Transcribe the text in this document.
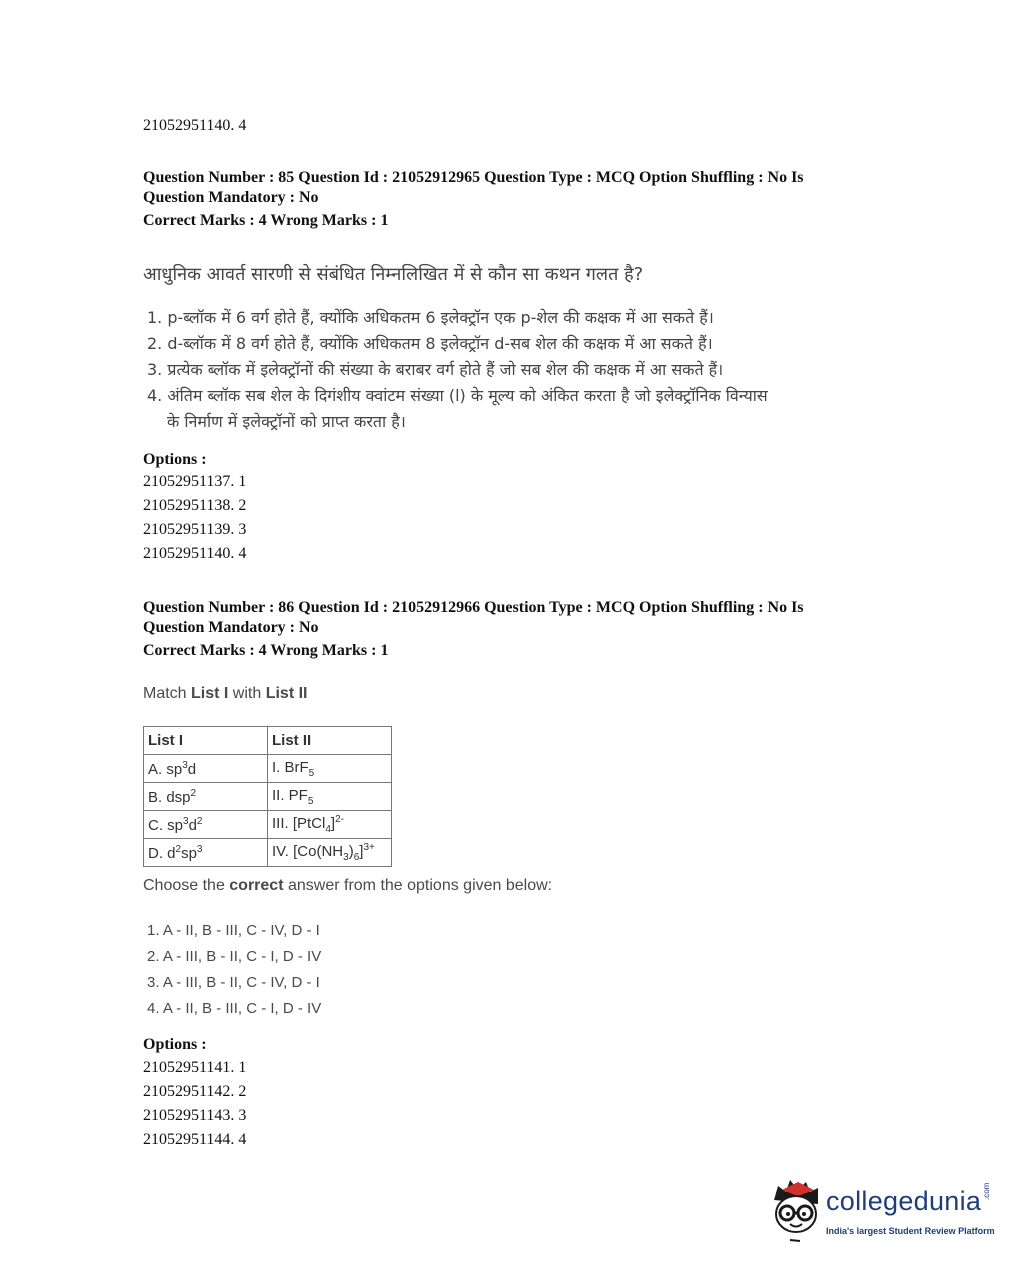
21052951140. 4
Question Number : 85 Question Id : 21052912965 Question Type : MCQ Option Shuffling : No Is
Question Mandatory : No
Correct Marks : 4 Wrong Marks : 1
आधुनिक आवर्त सारणी से संबंधित निम्नलिखित में से कौन सा कथन गलत है?
1. p-ब्लॉक में 6 वर्ग होते हैं, क्योंकि अधिकतम 6 इलेक्ट्रॉन एक p-शेल की कक्षक में आ सकते हैं।
2. d-ब्लॉक में 8 वर्ग होते हैं, क्योंकि अधिकतम 8 इलेक्ट्रॉन d-सब शेल की कक्षक में आ सकते हैं।
3. प्रत्येक ब्लॉक में इलेक्ट्रॉनों की संख्या के बराबर वर्ग होते हैं जो सब शेल की कक्षक में आ सकते हैं।
4. अंतिम ब्लॉक सब शेल के दिगंशीय क्वांटम संख्या (l) के मूल्य को अंकित करता है जो इलेक्ट्रॉनिक विन्यास
के निर्माण में इलेक्ट्रॉनों को प्राप्त करता है।
Options :
21052951137. 1
21052951138. 2
21052951139. 3
21052951140. 4
Question Number : 86 Question Id : 21052912966 Question Type : MCQ Option Shuffling : No Is
Question Mandatory : No
Correct Marks : 4 Wrong Marks : 1
Match List I with List II
List I	List II
A. $sp^3d$	I. BrF$_5$
B. dsp$^2$	II. $PF_5$
C. $sp^3d^2$	III. [PtCl$_4$]$^{2-}$
D. $d^2sp^3$	IV. $[Co(NH_3)_6]^{3+}$
Choose the correct answer from the options given below:
1. A - II, B - III, C - IV, D - I
2. A - III, B - II, C - I, D - IV
3. A - III, B - II, C - IV, D - I
4. A - II, B - III, C - I, D - IV
Options :
21052951141. 1
21052951142. 2
21052951143. 3
21052951144. 4
collegedunia .com
India's largest Student Review Platform
